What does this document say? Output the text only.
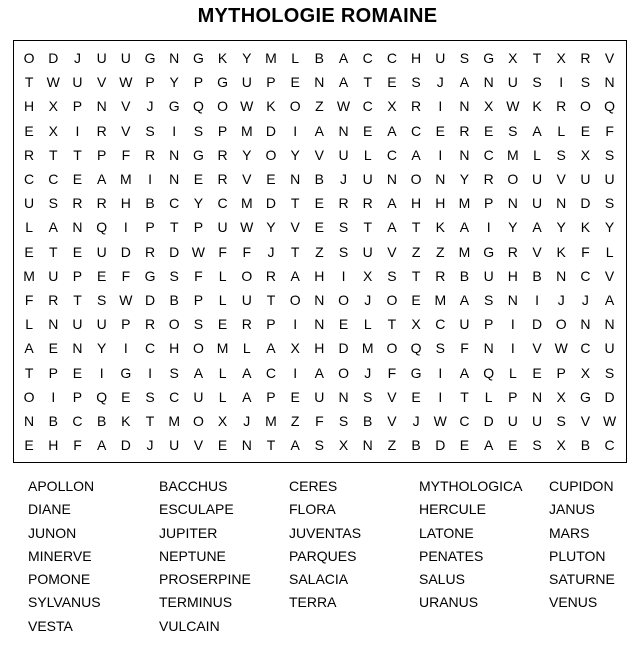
MYTHOLOGIE ROMAINE
O D	J	U	U G N G	K	Y M	L	B	A	C	C	H	U	S	G	X	T	X	R	V
T W U	V W P	Y	P	G U	P	E	N	A	T	E	S	J	A	N	U	S	I	S	N
H	X	P	N	V	J	G Q O W K	O	Z W C	X	R	I	N	X W K	R O Q
E	X	I	R	V	S	I	S	P M D	I	A	N	E	A	C	E	R	E	S	A	L	E	F
R	T	T	P	F	R	N G R	Y	O	Y	V	U	L	C	A	I	N	C M	L	S	X	S
C	C	E	A M	I	N	E	R	V	E	N	B	J	U	N O N	Y	R O U	V	U	U
U	S	R	R	H	B	C	Y	C M D	T	E	R	R	A	H	H M P	N	U	N	D	S
L	A	N Q	I	P	T	P	U W Y	V	E	S	T	A	T	K	A	I	Y	A	Y	K	Y
E	T	E	U	D	R	D W F	F	J	T	Z	S	U	V	Z	Z	M G R	V	K	F	L
M U	P	E	F	G	S	F	L	O R	A	H	I	X	S	T	R	B	U	H	B	N	C	V
F	R	T	S W D	B	P	L	U	T	O N O	J	O	E M A	S	N	I	J	J	A
L	N	U	U	P	R O	S	E	R	P	I	N	E	L	T	X	C	U	P	I	D O N	N
A	E	N	Y	I	C	H O M	L	A	X	H	D M O Q	S	F	N	I	V W C	U
T	P	E	I	G	I	S	A	L	A	C	I	A	O	J	F	G	I	A	Q	L	E	P	X	S
O	I	P	Q	E	S	C	U	L	A	P	E	U	N	S	V	E	I	T	L	P	N	X	G D
N	B	C	B	K	T	M O	X	J	M	Z	F	S	B	V	J	W C	D	U	U	S	V W
E	H	F	A	D	J	U	V	E	N	T	A	S	X	N	Z	B	D	E	A	E	S	X	B	C
APOLLON
DIANE
JUNON
MINERVE
POMONE
SYLVANUS
VESTA
BACCHUS
ESCULAPE
JUPITER
NEPTUNE
PROSERPINE
TERMINUS
VULCAIN
CERES
FLORA
JUVENTAS
PARQUES
SALACIA
TERRA
MYTHOLOGICA
HERCULE
LATONE
PENATES
SALUS
URANUS
CUPIDON
JANUS
MARS
PLUTON
SATURNE
VENUS
